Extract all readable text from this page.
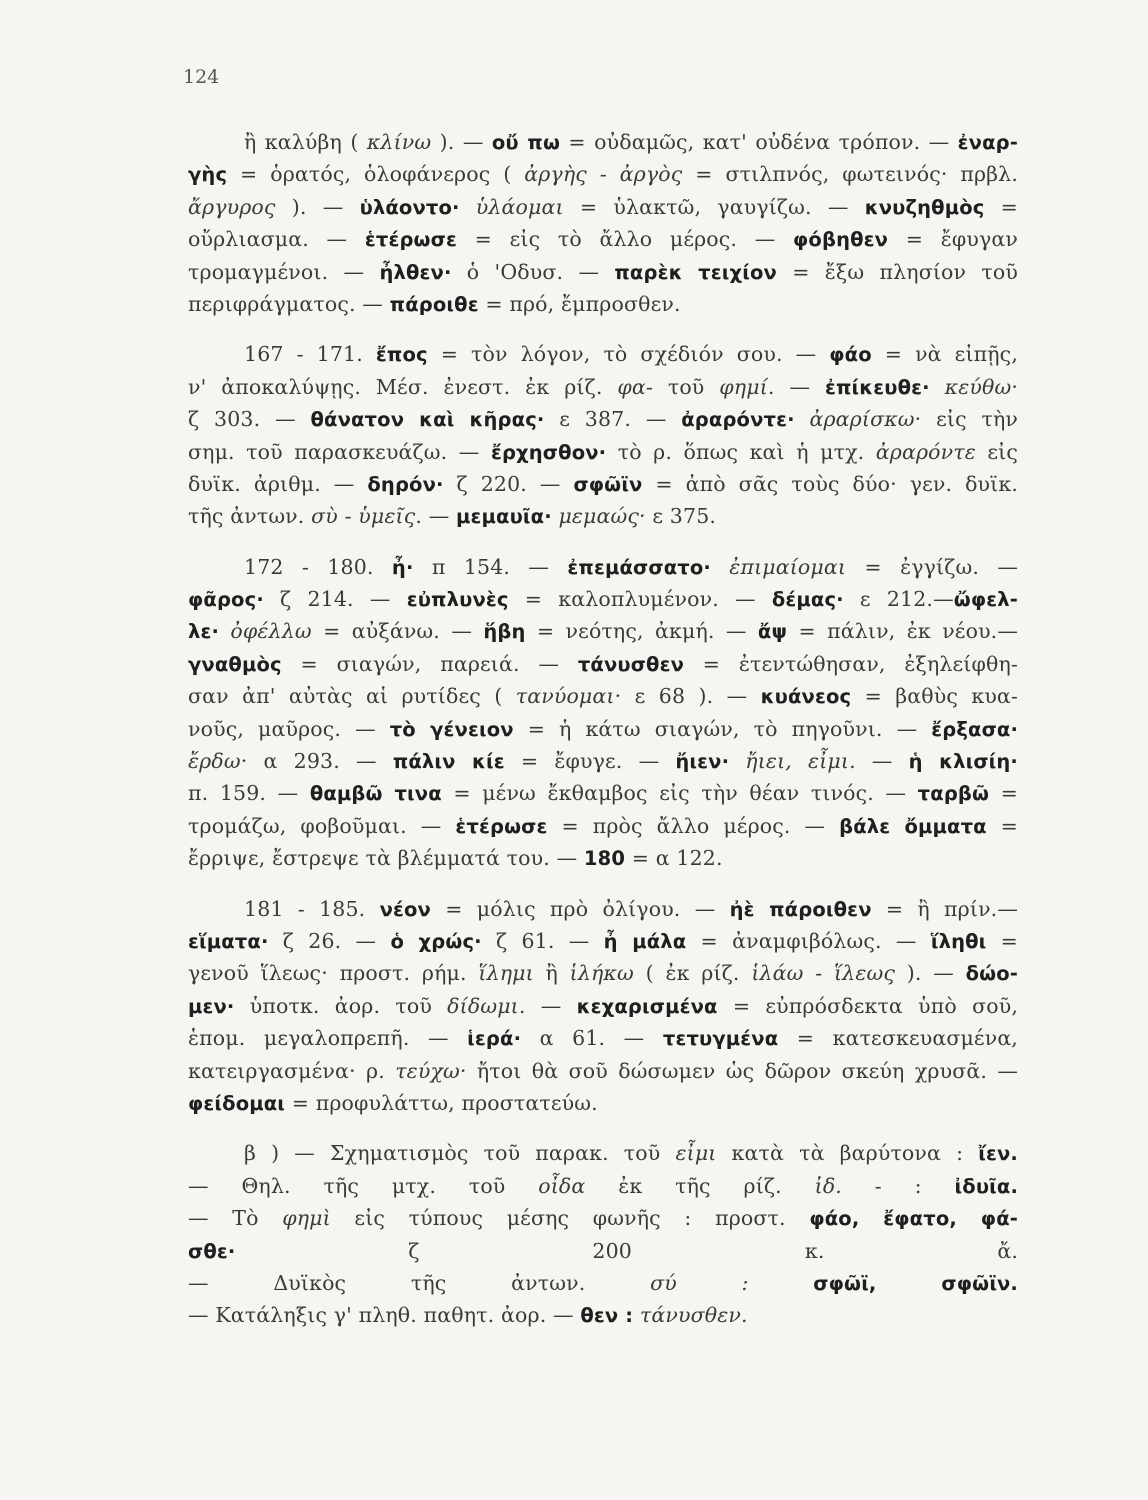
124
ἢ καλύβη ( κλίνω ). — οὔ πω = οὐδαμῶς, κατ' οὐδένα τρόπον. — ἐναρ-
γὴς = ὁρατός, ὁλοφάνερος ( ἀργὴς - ἀργὸς = στιλπνός, φωτεινός· πρβλ.
ἄργυρος ). — ὑλάοντο· ὑλάομαι = ὑλακτῶ, γαυγίζω. — κνυζηθμὸς =
οὔρλιασμα. — ἑτέρωσε = εἰς τὸ ἄλλο μέρος. — φόβηθεν = ἔφυγαν
τρομαγμένοι. — ἦλθεν· ὁ 'Οδυσ. — παρὲκ τειχίον = ἔξω πλησίον τοῦ
περιφράγματος. — πάροιθε = πρό, ἔμπροσθεν.
167 - 171. ἔπος = τὸν λόγον, τὸ σχέδιόν σου. — φάο = νὰ εἰπῇς,
ν' ἀποκαλύψῃς. Μέσ. ἐνεστ. ἐκ ρίζ. φα- τοῦ φημί. — ἐπίκευθε· κεύθω·
ζ 303. — θάνατον καὶ κῆρας· ε 387. — ἀραρόντε· ἀραρίσκω· εἰς τὴν
σημ. τοῦ παρασκευάζω. — ἔρχησθον· τὸ ρ. ὅπως καὶ ἡ μτχ. ἀραρόντε εἰς
δυϊκ. ἀριθμ. — δηρόν· ζ 220. — σφῶϊν = ἀπὸ σᾶς τοὺς δύο· γεν. δυϊκ.
τῆς ἀντων. σὺ - ὑμεῖς. — μεμαυῖα· μεμαώς· ε 375.
172 - 180. ἦ· π 154. — ἐπεμάσσατο· ἐπιμαίομαι = ἐγγίζω. —
φᾶρος· ζ 214. — εὐπλυνὲς = καλοπλυμένον. — δέμας· ε 212.—ὤφελ-
λε· ὀφέλλω = αὐξάνω. — ἥβη = νεότης, ἀκμή. — ἄψ = πάλιν, ἐκ νέου.—
γναθμὸς = σιαγών, παρειά. — τάνυσθεν = ἐτεντώθησαν, ἐξηλείφθη-
σαν ἀπ' αὐτὰς αἱ ρυτίδες ( τανύομαι· ε 68 ). — κυάνεος = βαθὺς κυα-
νοῦς, μαῦρος. — τὸ γένειον = ἡ κάτω σιαγών, τὸ πηγοῦνι. — ἔρξασα·
ἔρδω· α 293. — πάλιν κίε = ἔφυγε. — ἤιεν· ἤιει, εἶμι. — ἡ κλισίη·
π. 159. — θαμβῶ τινα = μένω ἔκθαμβος εἰς τὴν θέαν τινός. — ταρβῶ =
τρομάζω, φοβοῦμαι. — ἑτέρωσε = πρὸς ἄλλο μέρος. — βάλε ὄμματα =
ἔρριψε, ἔστρεψε τὰ βλέμματά του. — 180 = α 122.
181 - 185. νέον = μόλις πρὸ ὀλίγου. — ἠὲ πάροιθεν = ἢ πρίν.—
εἵματα· ζ 26. — ὁ χρώς· ζ 61. — ἦ μάλα = ἀναμφιβόλως. — ἵληθι =
γενοῦ ἵλεως· προστ. ρήμ. ἵλημι ἢ ἱλήκω ( ἐκ ρίζ. ἱλάω - ἵλεως ). — δώο-
μεν· ὑποτκ. ἀορ. τοῦ δίδωμι. — κεχαρισμένα = εὐπρόσδεκτα ὑπὸ σοῦ,
ἑπομ. μεγαλοπρεπῆ. — ἱερά· α 61. — τετυγμένα = κατεσκευασμένα,
κατειργασμένα· ρ. τεύχω· ἤτοι θὰ σοῦ δώσωμεν ὡς δῶρον σκεύη χρυσᾶ. —
φείδομαι = προφυλάττω, προστατεύω.
β ) — Σχηματισμὸς τοῦ παρακ. τοῦ εἶμι κατὰ τὰ βαρύτονα : ἴεν.
— Θηλ. τῆς μτχ. τοῦ οἶδα ἐκ τῆς ρίζ. ἰδ. - : ἰδυῖα.
— Τὸ φημὶ εἰς τύπους μέσης φωνῆς : προστ. φάο, ἔφατο, φά-
σθε· ζ 200 κ. ἄ.
— Δυϊκὸς τῆς ἀντων. σύ :	σφῶϊ, σφῶϊν.
— Κατάληξις γ' πληθ. παθητ. ἀορ. — θεν : τάνυσθεν.
